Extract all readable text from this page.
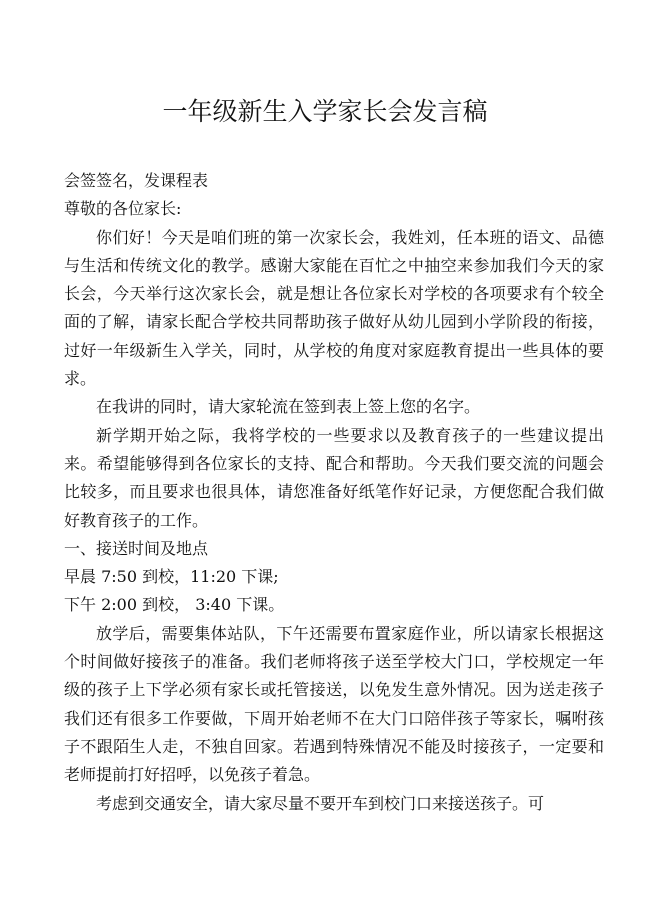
一年级新生入学家长会发言稿

会签签名，发课程表

尊敬的各位家长:

你们好！今天是咱们班的第一次家长会，我姓刘，任本班的语文、品德与生活和传统文化的教学。感谢大家能在百忙之中抽空来参加我们今天的家长会，今天举行这次家长会，就是想让各位家长对学校的各项要求有个较全面的了解，请家长配合学校共同帮助孩子做好从幼儿园到小学阶段的衔接，过好一年级新生入学关，同时，从学校的角度对家庭教育提出一些具体的要求。

在我讲的同时，请大家轮流在签到表上签上您的名字。

新学期开始之际，我将学校的一些要求以及教育孩子的一些建议提出来。希望能够得到各位家长的支持、配合和帮助。今天我们要交流的问题会比较多，而且要求也很具体，请您准备好纸笔作好记录，方便您配合我们做好教育孩子的工作。

一、接送时间及地点

早晨 7:50 到校，11:20 下课;

下午 2:00 到校， 3:40 下课。

放学后，需要集体站队，下午还需要布置家庭作业，所以请家长根据这个时间做好接孩子的准备。我们老师将孩子送至学校大门口，学校规定一年级的孩子上下学必须有家长或托管接送，以免发生意外情况。因为送走孩子我们还有很多工作要做，下周开始老师不在大门口陪伴孩子等家长，嘱咐孩子不跟陌生人走，不独自回家。若遇到特殊情况不能及时接孩子，一定要和老师提前打好招呼，以免孩子着急。

考虑到交通安全，请大家尽量不要开车到校门口来接送孩子。可
